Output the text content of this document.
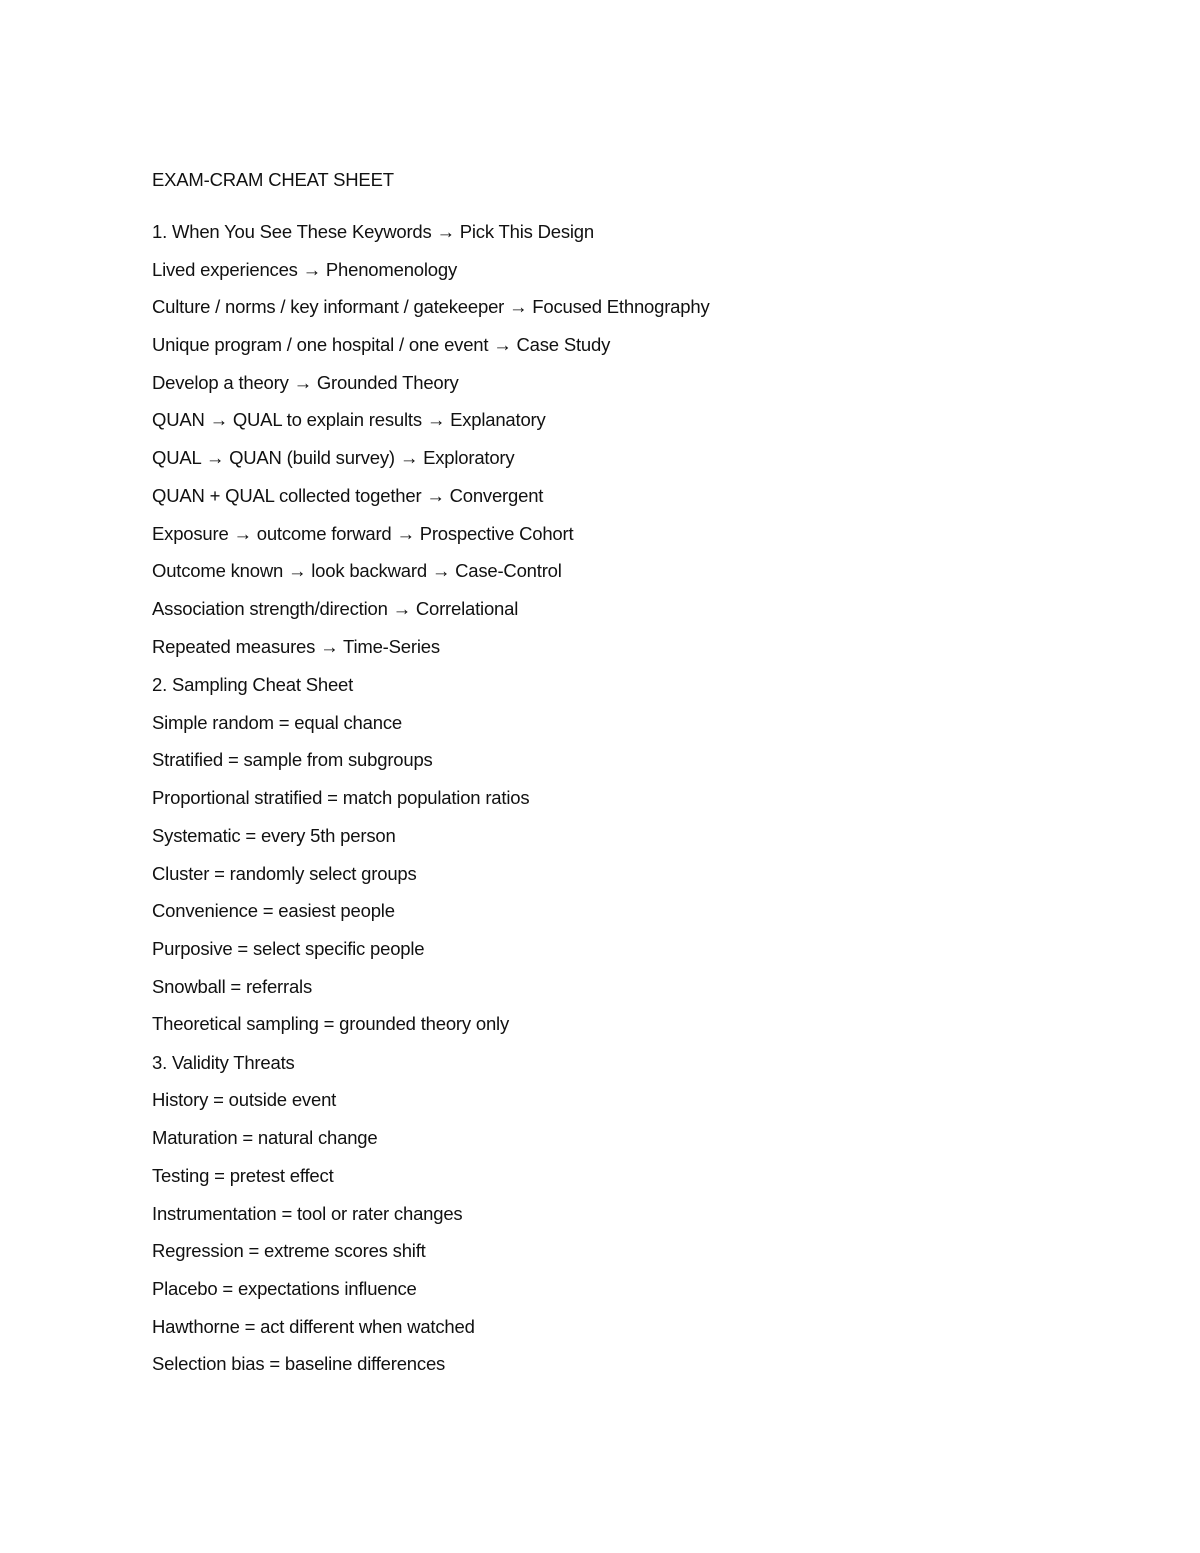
EXAM-CRAM CHEAT SHEET
1. When You See These Keywords → Pick This Design
Lived experiences → Phenomenology
Culture / norms / key informant / gatekeeper → Focused Ethnography
Unique program / one hospital / one event → Case Study
Develop a theory → Grounded Theory
QUAN → QUAL to explain results → Explanatory
QUAL → QUAN (build survey) → Exploratory
QUAN + QUAL collected together → Convergent
Exposure → outcome forward → Prospective Cohort
Outcome known → look backward → Case-Control
Association strength/direction → Correlational
Repeated measures → Time-Series
2. Sampling Cheat Sheet
Simple random = equal chance
Stratified = sample from subgroups
Proportional stratified = match population ratios
Systematic = every 5th person
Cluster = randomly select groups
Convenience = easiest people
Purposive = select specific people
Snowball = referrals
Theoretical sampling = grounded theory only
3. Validity Threats
History = outside event
Maturation = natural change
Testing = pretest effect
Instrumentation = tool or rater changes
Regression = extreme scores shift
Placebo = expectations influence
Hawthorne = act different when watched
Selection bias = baseline differences
